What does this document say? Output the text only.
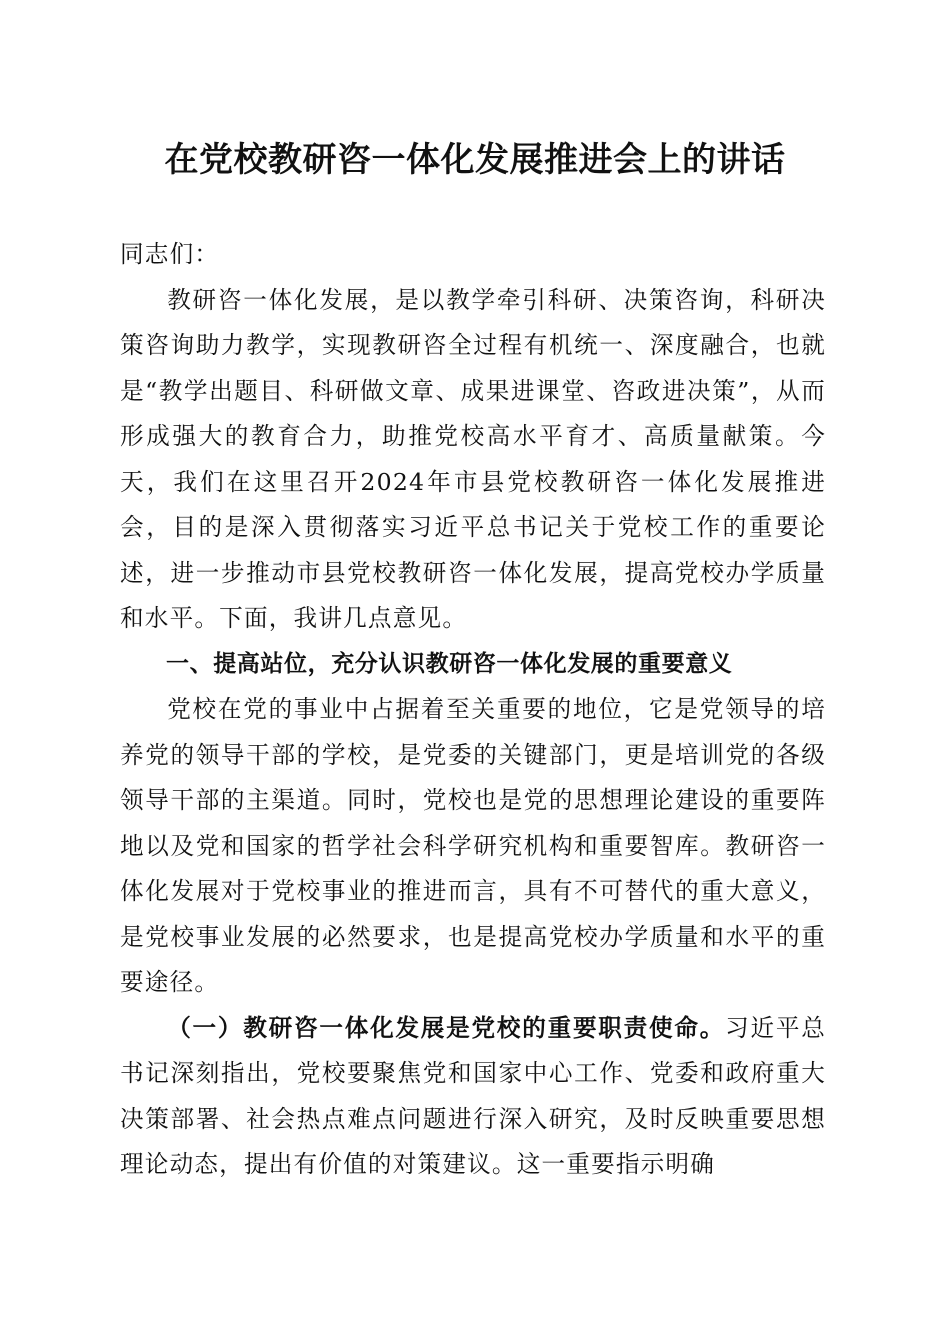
在党校教研咨一体化发展推进会上的讲话

同志们：

教研咨一体化发展，是以教学牵引科研、决策咨询，科研决策咨询助力教学，实现教研咨全过程有机统一、深度融合，也就是“教学出题目、科研做文章、成果进课堂、咨政进决策”，从而形成强大的教育合力，助推党校高水平育才、高质量献策。今天，我们在这里召开2024年市县党校教研咨一体化发展推进会，目的是深入贯彻落实习近平总书记关于党校工作的重要论述，进一步推动市县党校教研咨一体化发展，提高党校办学质量和水平。下面，我讲几点意见。

一、提高站位，充分认识教研咨一体化发展的重要意义

党校在党的事业中占据着至关重要的地位，它是党领导的培养党的领导干部的学校，是党委的关键部门，更是培训党的各级领导干部的主渠道。同时，党校也是党的思想理论建设的重要阵地以及党和国家的哲学社会科学研究机构和重要智库。教研咨一体化发展对于党校事业的推进而言，具有不可替代的重大意义，是党校事业发展的必然要求，也是提高党校办学质量和水平的重要途径。

（一）教研咨一体化发展是党校的重要职责使命。习近平总书记深刻指出，党校要聚焦党和国家中心工作、党委和政府重大决策部署、社会热点难点问题进行深入研究，及时反映重要思想理论动态，提出有价值的对策建议。这一重要指示明确
